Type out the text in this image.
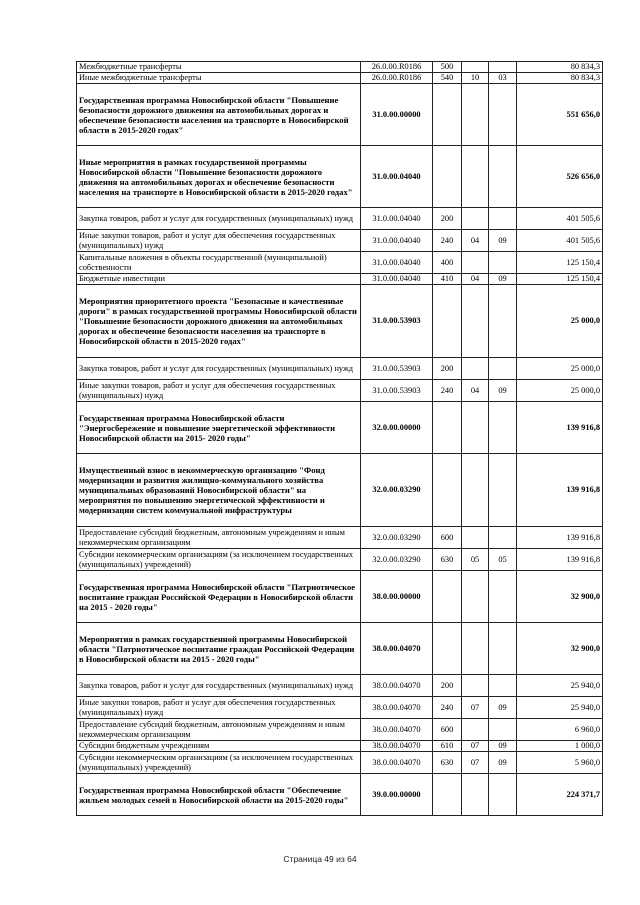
Межбюджетные трансферты	26.0.00.R0186	500			80 834,3
Иные межбюджетные трансферты	26.0.00.R0186	540	10	03	80 834,3
Государственная программа Новосибирской области "Повышение безопасности дорожного движения на автомобильных дорогах и обеспечение безопасности населения на транспорте в Новосибирской области в 2015-2020 годах"	31.0.00.00000				551 656,0
Иные мероприятия в рамках государственной программы Новосибирской области "Повышение безопасности дорожного движения на автомобильных дорогах и обеспечение безопасности населения на транспорте в Новосибирской области в 2015-2020 годах"	31.0.00.04040				526 656,0
Закупка товаров, работ и услуг для государственных (муниципальных) нужд	31.0.00.04040	200			401 505,6
Иные закупки товаров, работ и услуг для обеспечения государственных (муниципальных) нужд	31.0.00.04040	240	04	09	401 505,6
Капитальные вложения в объекты государственной (муниципальной) собственности	31.0.00.04040	400			125 150,4
Бюджетные инвестиции	31.0.00.04040	410	04	09	125 150,4
Мероприятия приоритетного проекта "Безопасные и качественные дороги" в рамках государственной программы Новосибирской области "Повышение безопасности дорожного движения на автомобильных дорогах и обеспечение безопасности населения на транспорте в Новосибирской области в 2015-2020 годах"	31.0.00.53903				25 000,0
Закупка товаров, работ и услуг для государственных (муниципальных) нужд	31.0.00.53903	200			25 000,0
Иные закупки товаров, работ и услуг для обеспечения государственных (муниципальных) нужд	31.0.00.53903	240	04	09	25 000,0
Государственная программа Новосибирской области "Энергосбережение и повышение энергетической эффективности Новосибирской области на 2015- 2020 годы"	32.0.00.00000				139 916,8
Имущественный взнос в некоммерческую организацию "Фонд модернизации и развития жилищно-коммунального хозяйства муниципальных образований Новосибирской области" на мероприятия по повышению энергетической эффективности и модернизации систем коммунальной инфраструктуры	32.0.00.03290				139 916,8
Предоставление субсидий бюджетным, автономным учреждениям и иным некоммерческим организациям	32.0.00.03290	600			139 916,8
Субсидии некоммерческим организациям (за исключением государственных (муниципальных) учреждений)	32.0.00.03290	630	05	05	139 916,8
Государственная программа Новосибирской области "Патриотическое воспитание граждан Российской Федерации в Новосибирской области на 2015 - 2020 годы"	38.0.00.00000				32 900,0
Мероприятия в рамках государственной программы Новосибирской области "Патриотическое воспитание граждан Российской Федерации в Новосибирской области на 2015 - 2020 годы"	38.0.00.04070				32 900,0
Закупка товаров, работ и услуг для государственных (муниципальных) нужд	38.0.00.04070	200			25 940,0
Иные закупки товаров, работ и услуг для обеспечения государственных (муниципальных) нужд	38.0.00.04070	240	07	09	25 940,0
Предоставление субсидий бюджетным, автономным учреждениям и иным некоммерческим организациям	38.0.00.04070	600			6 960,0
Субсидии бюджетным учреждениям	38.0.00.04070	610	07	09	1 000,0
Субсидии некоммерческим организациям (за исключением государственных (муниципальных) учреждений)	38.0.00.04070	630	07	09	5 960,0
Государственная программа Новосибирской области "Обеспечение жильем молодых семей в Новосибирской области на 2015-2020 годы"	39.0.00.00000				224 371,7
Страница 49 из 64
